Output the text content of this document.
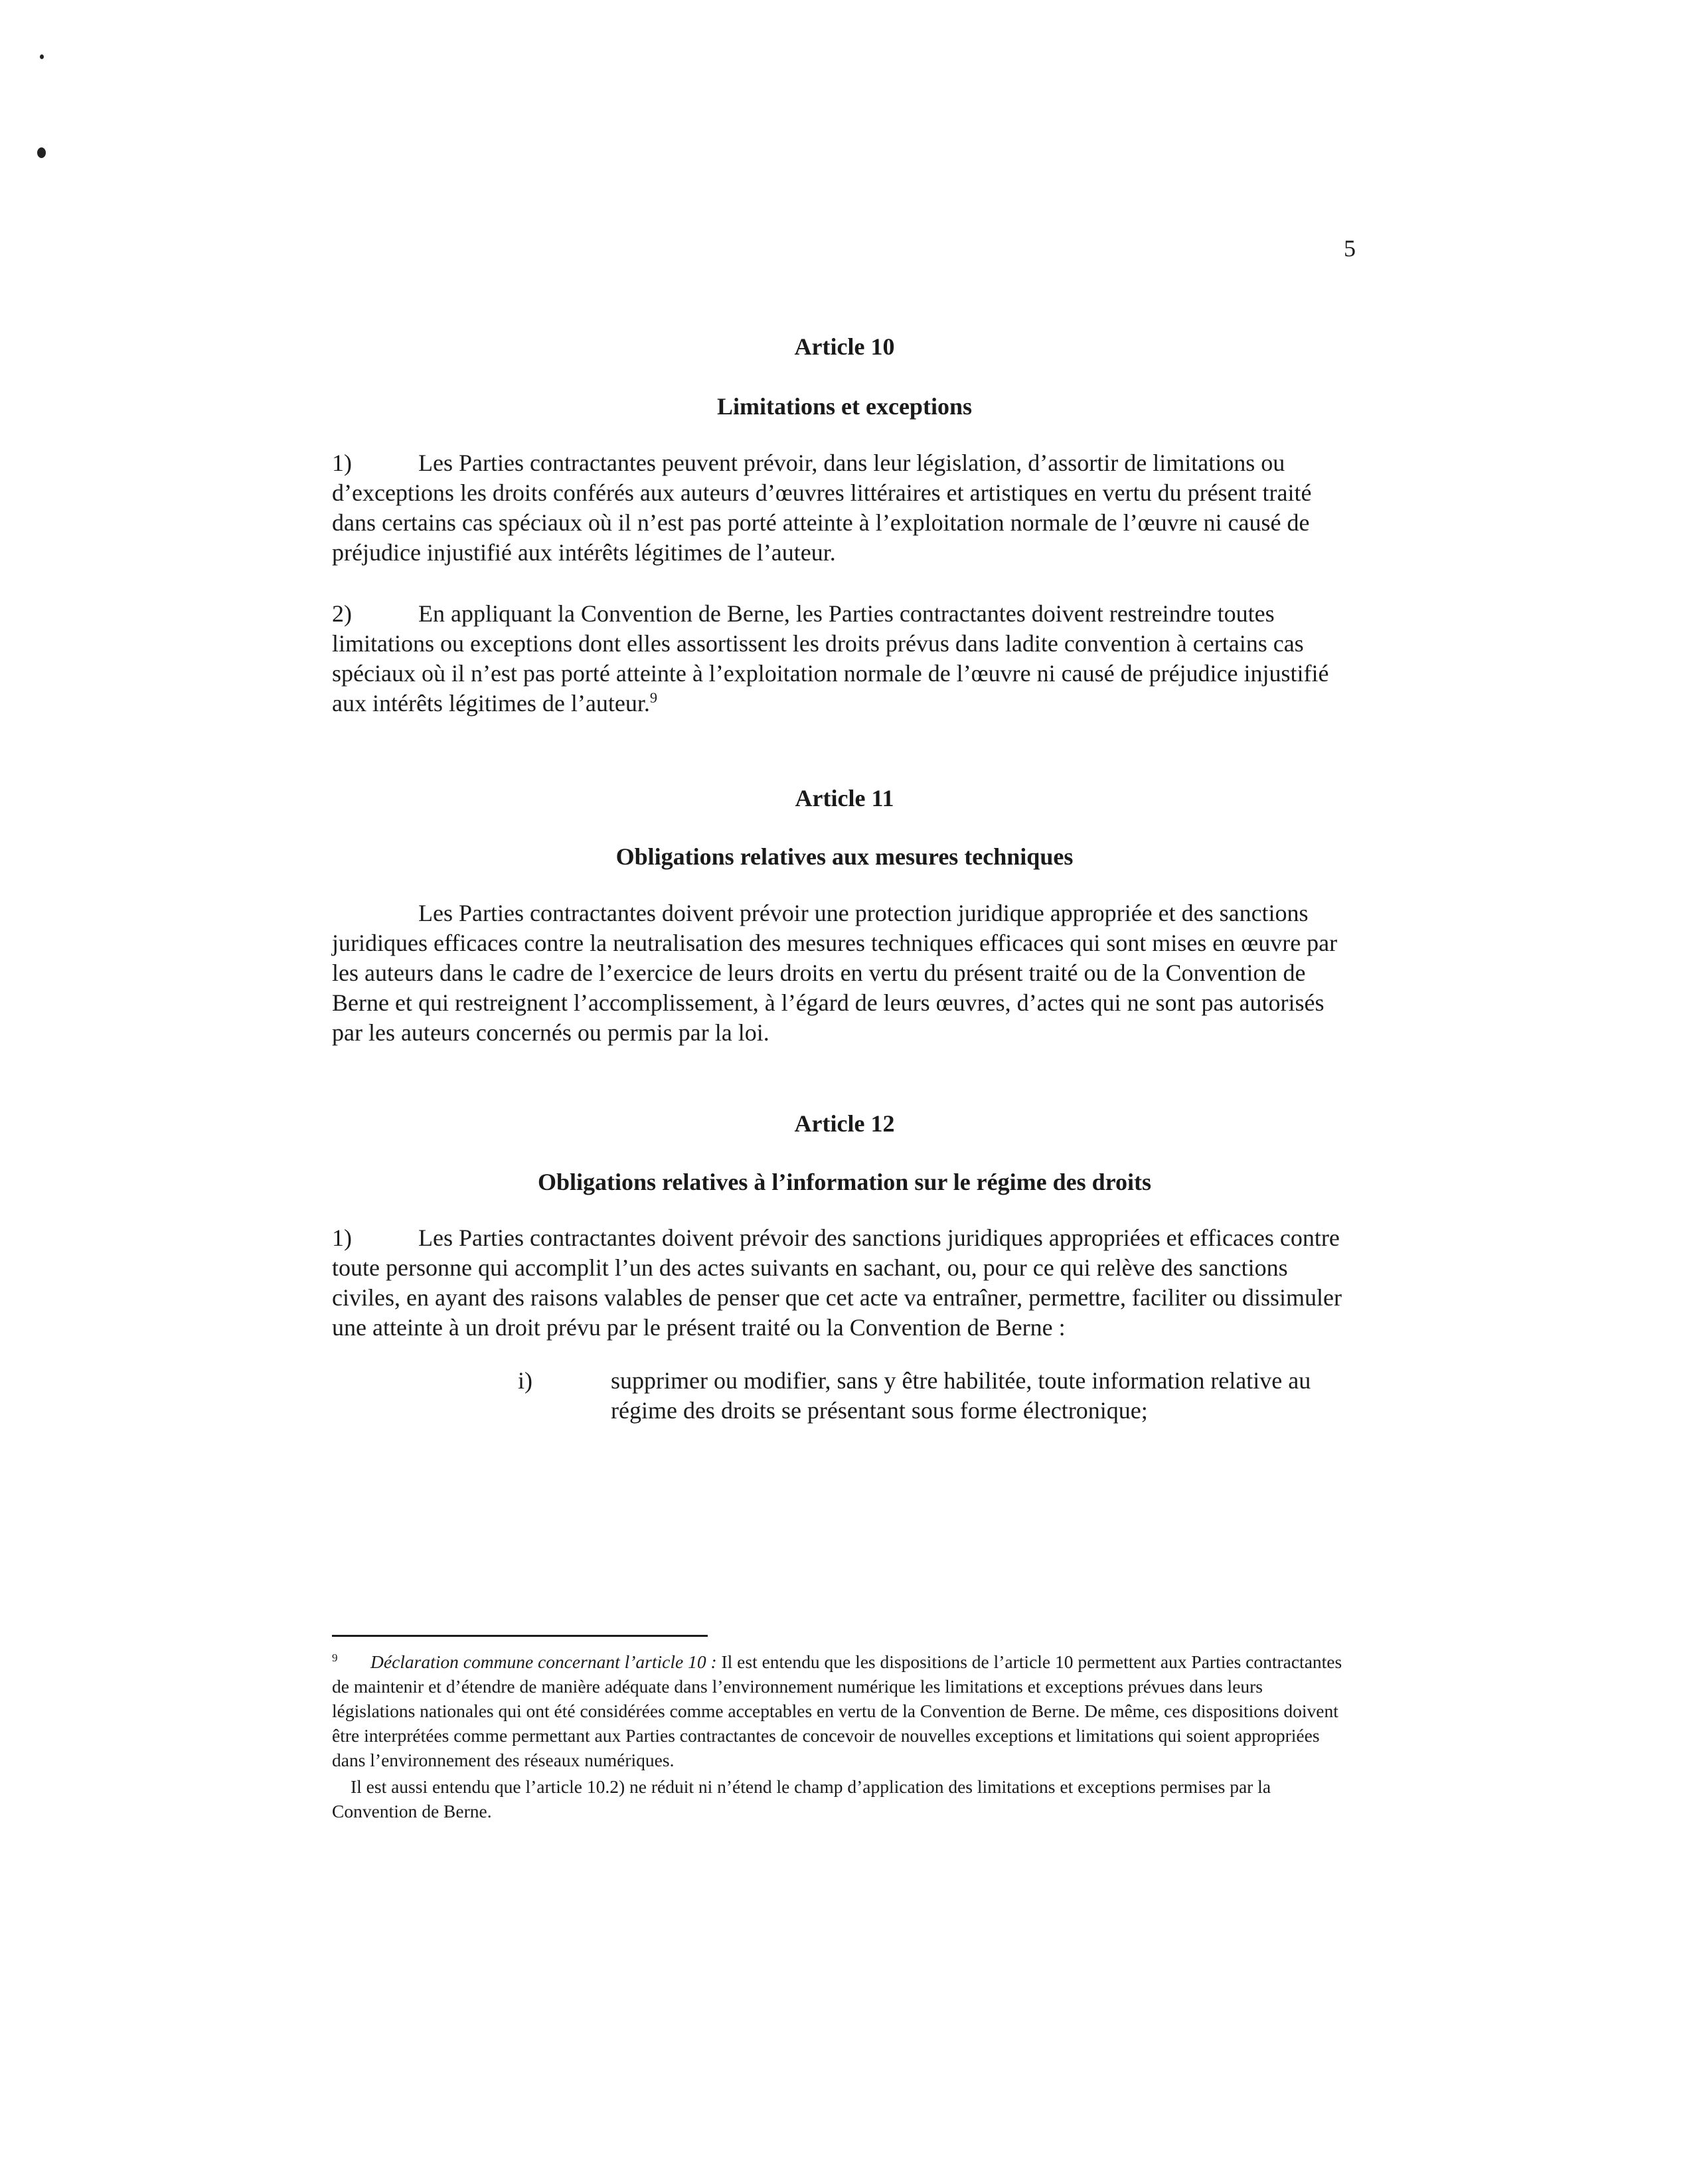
5
Article 10
Limitations et exceptions

1)	Les Parties contractantes peuvent prévoir, dans leur législation, d’assortir de limitations ou d’exceptions les droits conférés aux auteurs d’œuvres littéraires et artistiques en vertu du présent traité dans certains cas spéciaux où il n’est pas porté atteinte à l’exploitation normale de l’œuvre ni causé de préjudice injustifié aux intérêts légitimes de l’auteur.

2)	En appliquant la Convention de Berne, les Parties contractantes doivent restreindre toutes limitations ou exceptions dont elles assortissent les droits prévus dans ladite convention à certains cas spéciaux où il n’est pas porté atteinte à l’exploitation normale de l’œuvre ni causé de préjudice injustifié aux intérêts légitimes de l’auteur.$^9$

Article 11
Obligations relatives aux mesures techniques

Les Parties contractantes doivent prévoir une protection juridique appropriée et des sanctions juridiques efficaces contre la neutralisation des mesures techniques efficaces qui sont mises en œuvre par les auteurs dans le cadre de l’exercice de leurs droits en vertu du présent traité ou de la Convention de Berne et qui restreignent l’accomplissement, à l’égard de leurs œuvres, d’actes qui ne sont pas autorisés par les auteurs concernés ou permis par la loi.

Article 12
Obligations relatives à l’information sur le régime des droits

1)	Les Parties contractantes doivent prévoir des sanctions juridiques appropriées et efficaces contre toute personne qui accomplit l’un des actes suivants en sachant, ou, pour ce qui relève des sanctions civiles, en ayant des raisons valables de penser que cet acte va entraîner, permettre, faciliter ou dissimuler une atteinte à un droit prévu par le présent traité ou la Convention de Berne :

i)	supprimer ou modifier, sans y être habilitée, toute information relative au régime des droits se présentant sous forme électronique;

$^9$ Déclaration commune concernant l’article 10 : Il est entendu que les dispositions de l’article 10 permettent aux Parties contractantes de maintenir et d’étendre de manière adéquate dans l’environnement numérique les limitations et exceptions prévues dans leurs législations nationales qui ont été considérées comme acceptables en vertu de la Convention de Berne. De même, ces dispositions doivent être interprétées comme permettant aux Parties contractantes de concevoir de nouvelles exceptions et limitations qui soient appropriées dans l’environnement des réseaux numériques.

Il est aussi entendu que l’article 10.2) ne réduit ni n’étend le champ d’application des limitations et exceptions permises par la Convention de Berne.
